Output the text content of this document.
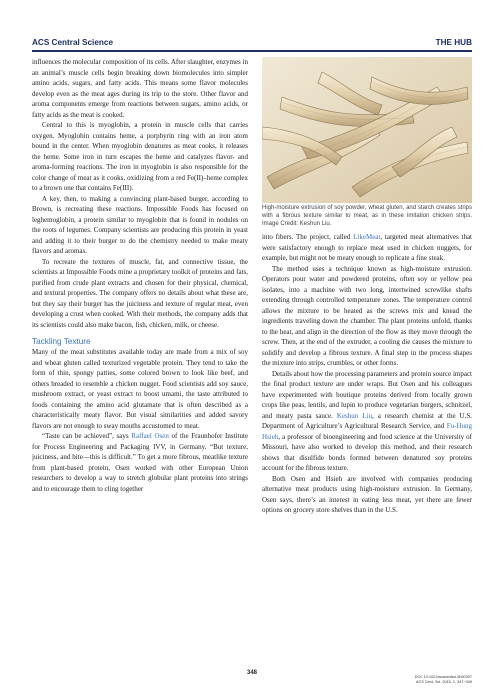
ACS Central Science	THE HUB

influences the molecular composition of its cells. After slaughter, enzymes in an animal’s muscle cells begin breaking down biomolecules into simpler amino acids, sugars, and fatty acids. This means some flavor molecules develop even as the meat ages during its trip to the store. Other flavor and aroma components emerge from reactions between sugars, amino acids, or fatty acids as the meat is cooked.

Central to this is myoglobin, a protein in muscle cells that carries oxygen. Myoglobin contains heme, a porphyrin ring with an iron atom bound in the center. When myoglobin denatures as meat cooks, it releases the heme. Some iron in turn escapes the heme and catalyzes flavor- and aroma-forming reactions. The iron in myoglobin is also responsible for the color change of meat as it cooks, oxidizing from a red Fe(II)–heme complex to a brown one that contains Fe(III).

A key, then, to making a convincing plant-based burger, according to Brown, is recreating these reactions. Impossible Foods has focused on leghemoglobin, a protein similar to myoglobin that is found in nodules on the roots of legumes. Company scientists are producing this protein in yeast and adding it to their burger to do the chemistry needed to make meaty flavors and aromas.

To recreate the textures of muscle, fat, and connective tissue, the scientists at Impossible Foods mine a proprietary toolkit of proteins and fats, purified from crude plant extracts and chosen for their physical, chemical, and textural properties. The company offers no details about what these are, but they say their burger has the juiciness and texture of regular meat, even developing a crust when cooked. With their methods, the company adds that its scientists could also make bacon, fish, chicken, milk, or cheese.

Tackling Texture

Many of the meat substitutes available today are made from a mix of soy and wheat gluten called texturized vegetable protein. They tend to take the form of thin, spongy patties, some colored brown to look like beef, and others breaded to resemble a chicken nugget. Food scientists add soy sauce, mushroom extract, or yeast extract to boost umami, the taste attributed to foods containing the amino acid glutamate that is often described as a characteristically meaty flavor. But visual similarities and added savory flavors are not enough to sway mouths accustomed to meat.

“Taste can be achieved”, says Raffael Osen of the Fraunhofer Institute for Process Engineering and Packaging IVV, in Germany. “But texture, juiciness, and bite—this is difficult.” To get a more fibrous, meatlike texture from plant-based protein, Osen worked with other European Union researchers to develop a way to stretch globular plant proteins into strings and to encourage them to cling together

High-moisture extrusion of soy powder, wheat gluten, and starch creates strips with a fibrous texture similar to meat, as in these imitation chicken strips. Image Credit: Keshun Liu.

into fibers. The project, called LikeMeat, targeted meat alternatives that were satisfactory enough to replace meat used in chicken nuggets, for example, but might not be meaty enough to replicate a fine steak.

The method uses a technique known as high-moisture extrusion. Operators pour water and powdered proteins, often soy or yellow pea isolates, into a machine with two long, intertwined screwlike shafts extending through controlled temperature zones. The temperature control allows the mixture to be heated as the screws mix and knead the ingredients traveling down the chamber. The plant proteins unfold, thanks to the heat, and align in the direction of the flow as they move through the screw. Then, at the end of the extruder, a cooling die causes the mixture to solidify and develop a fibrous texture. A final step in the process shapes the mixture into strips, crumbles, or other forms.

Details about how the processing parameters and protein source impact the final product texture are under wraps. But Osen and his colleagues have experimented with boutique proteins derived from locally grown crops like peas, lentils, and lupin to produce vegetarian burgers, schnitzel, and meaty pasta sauce. Keshun Liu, a research chemist at the U.S. Department of Agriculture’s Agricultural Research Service, and Fu-Hung Hsieh, a professor of bioengineering and food science at the University of Missouri, have also worked to develop this method, and their research shows that disulfide bonds formed between denatured soy proteins account for the fibrous texture.

Both Osen and Hsieh are involved with companies producing alternative meat products using high-moisture extrusion. In Germany, Osen says, there’s an interest in eating less meat, yet there are fewer options on grocery store shelves than in the U.S.

348
DOI: 10.1021/acscentsci.5b00307
ACS Cent. Sci. 2015, 1, 347−349
